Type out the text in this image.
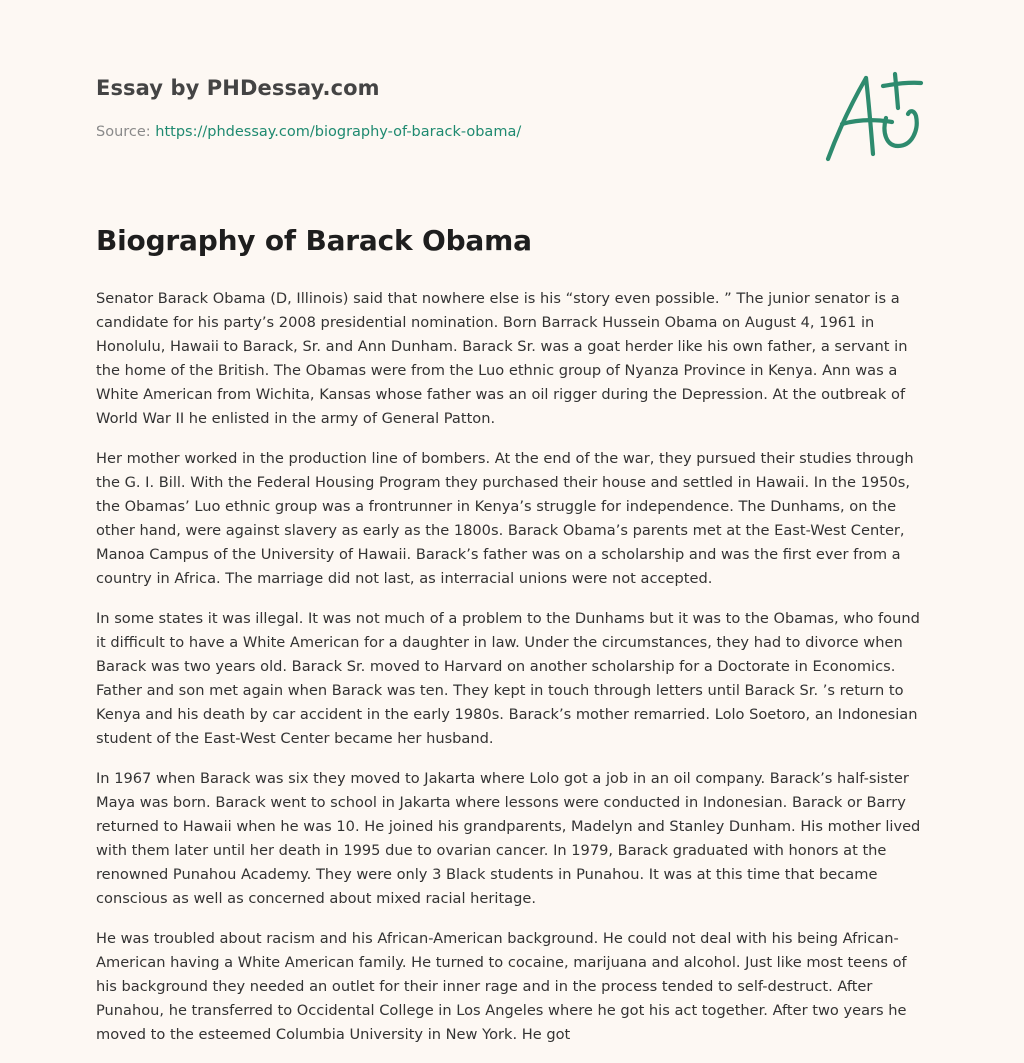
Essay by PHDessay.com
Source: https://phdessay.com/biography-of-barack-obama/
Biography of Barack Obama

Senator Barack Obama (D, Illinois) said that nowhere else is his “story even possible. ” The junior senator is a candidate for his party’s 2008 presidential nomination. Born Barrack Hussein Obama on August 4, 1961 in Honolulu, Hawaii to Barack, Sr. and Ann Dunham. Barack Sr. was a goat herder like his own father, a servant in the home of the British. The Obamas were from the Luo ethnic group of Nyanza Province in Kenya. Ann was a White American from Wichita, Kansas whose father was an oil rigger during the Depression. At the outbreak of World War II he enlisted in the army of General Patton.

Her mother worked in the production line of bombers. At the end of the war, they pursued their studies through the G. I. Bill. With the Federal Housing Program they purchased their house and settled in Hawaii. In the 1950s, the Obamas’ Luo ethnic group was a frontrunner in Kenya’s struggle for independence. The Dunhams, on the other hand, were against slavery as early as the 1800s. Barack Obama’s parents met at the East-West Center, Manoa Campus of the University of Hawaii. Barack’s father was on a scholarship and was the first ever from a country in Africa. The marriage did not last, as interracial unions were not accepted.

In some states it was illegal. It was not much of a problem to the Dunhams but it was to the Obamas, who found it difficult to have a White American for a daughter in law. Under the circumstances, they had to divorce when Barack was two years old. Barack Sr. moved to Harvard on another scholarship for a Doctorate in Economics. Father and son met again when Barack was ten. They kept in touch through letters until Barack Sr. ’s return to Kenya and his death by car accident in the early 1980s. Barack’s mother remarried. Lolo Soetoro, an Indonesian student of the East-West Center became her husband.

In 1967 when Barack was six they moved to Jakarta where Lolo got a job in an oil company. Barack’s half-sister Maya was born. Barack went to school in Jakarta where lessons were conducted in Indonesian. Barack or Barry returned to Hawaii when he was 10. He joined his grandparents, Madelyn and Stanley Dunham. His mother lived with them later until her death in 1995 due to ovarian cancer. In 1979, Barack graduated with honors at the renowned Punahou Academy. They were only 3 Black students in Punahou. It was at this time that became conscious as well as concerned about mixed racial heritage.

He was troubled about racism and his African-American background. He could not deal with his being African-American having a White American family. He turned to cocaine, marijuana and alcohol. Just like most teens of his background they needed an outlet for their inner rage and in the process tended to self-destruct. After Punahou, he transferred to Occidental College in Los Angeles where he got his act together. After two years he moved to the esteemed Columbia University in New York. He got
